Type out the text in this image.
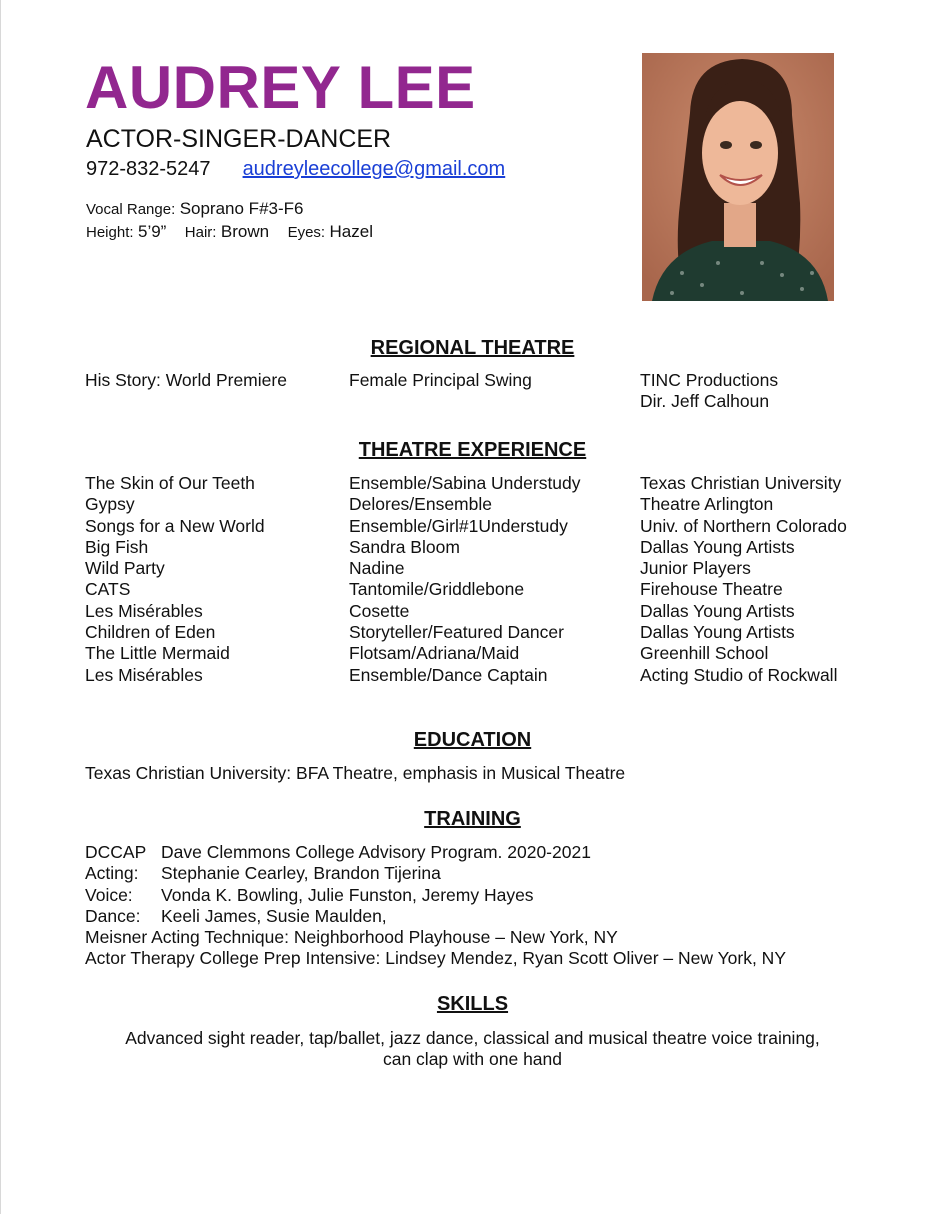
AUDREY LEE
ACTOR-SINGER-DANCER
972-832-5247 audreyleecollege@gmail.com
Vocal Range: Soprano F#3-F6
Height: 5’9” Hair: Brown Eyes: Hazel
REGIONAL THEATRE
His Story: World Premiere	Female Principal Swing	TINC Productions
Dir. Jeff Calhoun
THEATRE EXPERIENCE
The Skin of Our Teeth	Ensemble/Sabina Understudy	Texas Christian University
Gypsy	Delores/Ensemble	Theatre Arlington
Songs for a New World	Ensemble/Girl#1Understudy	Univ. of Northern Colorado
Big Fish	Sandra Bloom	Dallas Young Artists
Wild Party	Nadine	Junior Players
CATS	Tantomile/Griddlebone	Firehouse Theatre
Les Misérables	Cosette	Dallas Young Artists
Children of Eden	Storyteller/Featured Dancer	Dallas Young Artists
The Little Mermaid	Flotsam/Adriana/Maid	Greenhill School
Les Misérables	Ensemble/Dance Captain	Acting Studio of Rockwall
EDUCATION
Texas Christian University: BFA Theatre, emphasis in Musical Theatre
TRAINING
DCCAP Dave Clemmons College Advisory Program. 2020-2021
Acting: Stephanie Cearley, Brandon Tijerina
Voice: Vonda K. Bowling, Julie Funston, Jeremy Hayes
Dance: Keeli James, Susie Maulden,
Meisner Acting Technique: Neighborhood Playhouse – New York, NY
Actor Therapy College Prep Intensive: Lindsey Mendez, Ryan Scott Oliver – New York, NY
SKILLS
Advanced sight reader, tap/ballet, jazz dance, classical and musical theatre voice training,
can clap with one hand
